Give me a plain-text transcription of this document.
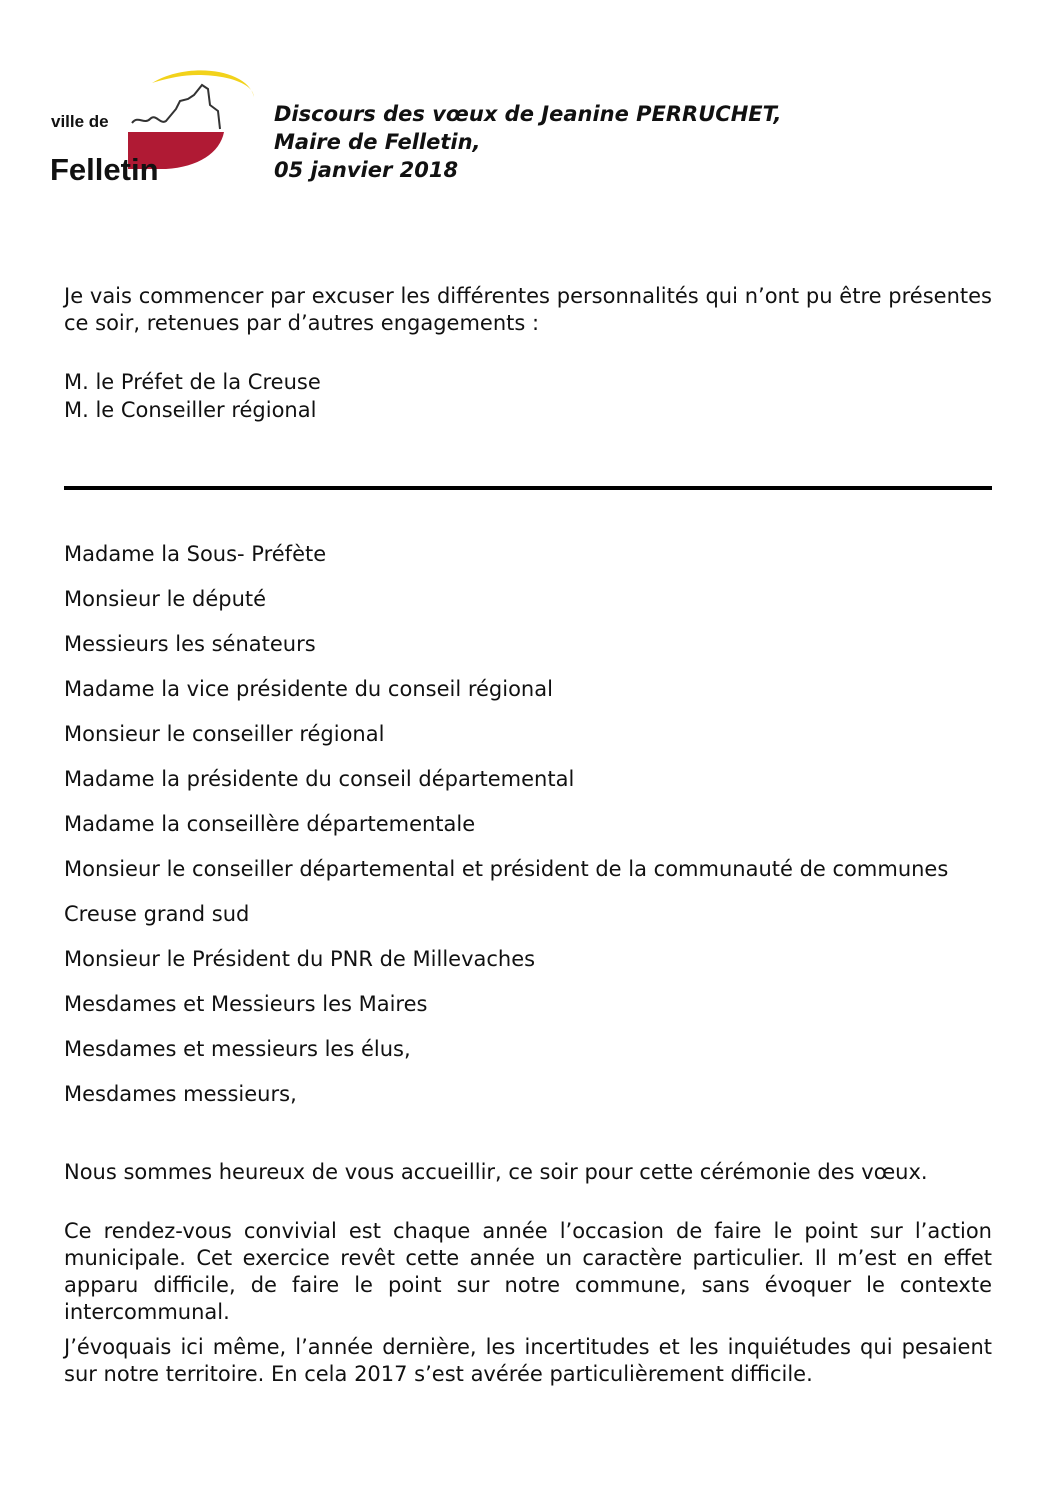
ville de
Felletin
Discours des vœux de Jeanine PERRUCHET,
Maire de Felletin,
05 janvier 2018
Je vais commencer par excuser les différentes personnalités qui n’ont pu être présentes ce soir, retenues par d’autres engagements :
M. le Préfet de la Creuse
M. le Conseiller régional
Madame la Sous- Préfète
Monsieur le député
Messieurs les sénateurs
Madame la vice présidente du conseil régional
Monsieur le conseiller régional
Madame la présidente du conseil départemental
Madame la conseillère départementale
Monsieur le conseiller départemental et président de la communauté de communes
Creuse grand sud
Monsieur le Président du PNR de Millevaches
Mesdames et Messieurs les Maires
Mesdames et messieurs les élus,
Mesdames messieurs,
Nous sommes heureux de vous accueillir, ce soir pour cette cérémonie des vœux.
Ce rendez-vous convivial est chaque année l’occasion de faire le point sur l’action municipale. Cet exercice revêt cette année un caractère particulier. Il m’est en effet apparu difficile, de faire le point sur notre commune, sans évoquer le contexte intercommunal.
J’évoquais ici même, l’année dernière, les incertitudes et les inquiétudes qui pesaient sur notre territoire. En cela 2017 s’est avérée particulièrement difficile.
